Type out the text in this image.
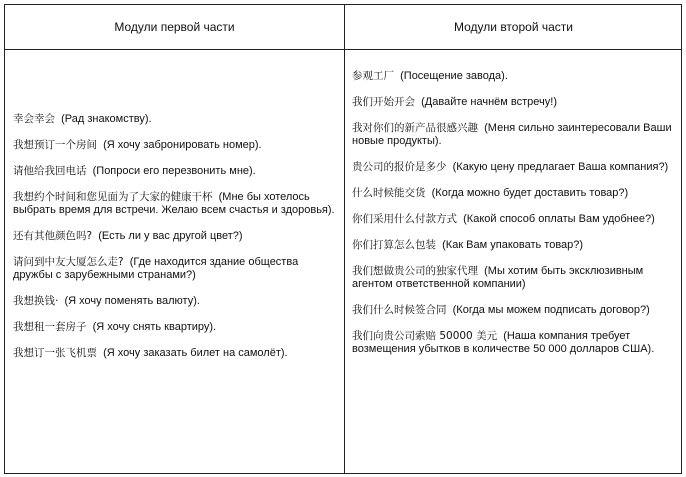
Модули первой части	Модули второй части

幸会幸会 (Рад знакомству).

我想预订一个房间 (Я хочу забронировать номер).

请他给我回电话 (Попроси его перезвонить мне).

我想约个时间和您见面为了大家的健康干杯 (Мне бы хотелось выбрать время для встречи. Желаю всем счастья и здоровья).

还有其他颜色吗? (Есть ли у вас другой цвет?)

请问到中友大厦怎么走? (Где находится здание общества дружбы с зарубежными странами?)

我想换钱· (Я хочу поменять валюту).

我想租一套房子 (Я хочу снять квартиру).

我想订一张飞机票 (Я хочу заказать билет на самолёт).

参观工厂 (Посещение завода).

我们开始开会 (Давайте начнём встречу!)

我对你们的新产品很感兴趣 (Меня сильно заинтересовали Ваши новые продукты).

贵公司的报价是多少 (Какую цену предлагает Ваша компания?)

什么时候能交货 (Когда можно будет доставить товар?)

你们采用什么付款方式 (Какой способ оплаты Вам удобнее?)

你们打算怎么包装 (Как Вам упаковать товар?)

我们想做贵公司的独家代理 (Мы хотим быть эксклюзивным агентом ответственной компании)

我们什么时候签合同 (Когда мы можем подписать договор?)

我们向贵公司索赔 50000 美元 (Наша компания требует возмещения убытков в количестве 50 000 долларов США).
